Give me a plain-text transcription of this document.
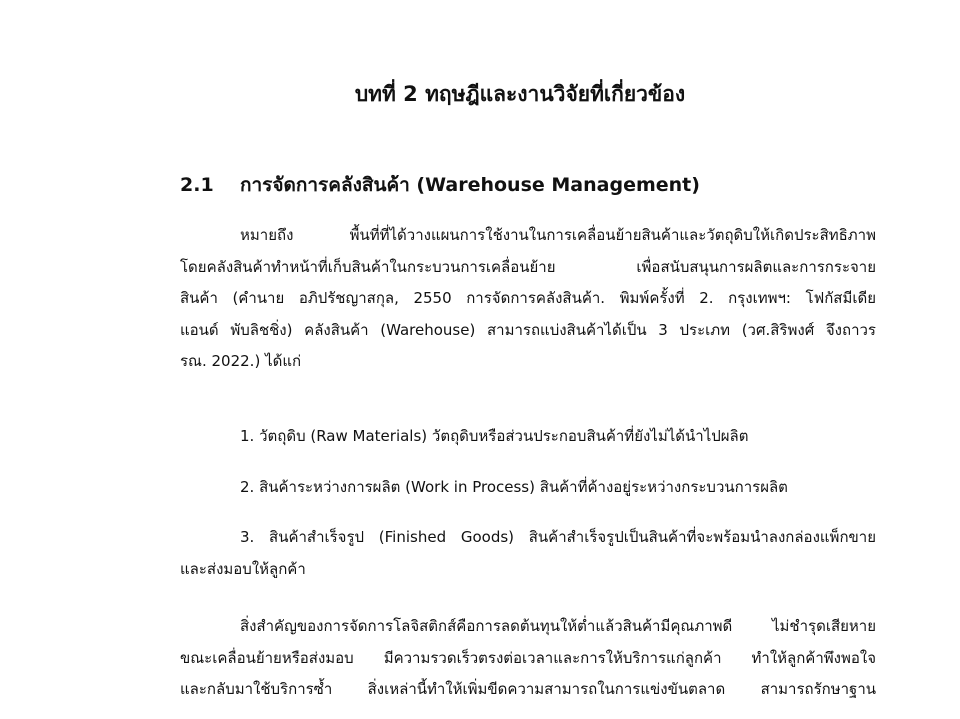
บทที่ 2 ทฤษฎีและงานวิจัยที่เกี่ยวข้อง
2.1 การจัดการคลังสินค้า (Warehouse Management)
หมายถึง พื้นที่ที่ได้วางแผนการใช้งานในการเคลื่อนย้ายสินค้าและวัตถุดิบให้เกิดประสิทธิภาพ
โดยคลังสินค้าทำหน้าที่เก็บสินค้าในกระบวนการเคลื่อนย้าย เพื่อสนับสนุนการผลิตและการกระจาย
สินค้า (คำนาย อภิปรัชญาสกุล, 2550 การจัดการคลังสินค้า. พิมพ์ครั้งที่ 2. กรุงเทพฯ: โฟกัสมีเดีย
แอนด์ พับลิชชิ่ง) คลังสินค้า (Warehouse) สามารถแบ่งสินค้าได้เป็น 3 ประเภท (วศ.สิริพงศ์ จึงถาวร
รณ. 2022.) ได้แก่
1. วัตถุดิบ (Raw Materials) วัตถุดิบหรือส่วนประกอบสินค้าที่ยังไม่ได้นำไปผลิต
2. สินค้าระหว่างการผลิต (Work in Process) สินค้าที่ค้างอยู่ระหว่างกระบวนการผลิต
3. สินค้าสำเร็จรูป (Finished Goods) สินค้าสำเร็จรูปเป็นสินค้าที่จะพร้อมนำลงกล่องแพ็กขาย
และส่งมอบให้ลูกค้า
สิ่งสำคัญของการจัดการโลจิสติกส์คือการลดต้นทุนให้ต่ำแล้วสินค้ามีคุณภาพดี ไม่ชำรุดเสียหาย
ขณะเคลื่อนย้ายหรือส่งมอบ มีความรวดเร็วตรงต่อเวลาและการให้บริการแก่ลูกค้า ทำให้ลูกค้าพึงพอใจ
และกลับมาใช้บริการซ้ำ สิ่งเหล่านี้ทำให้เพิ่มขีดความสามารถในการแข่งขันตลาด สามารถรักษาฐาน
